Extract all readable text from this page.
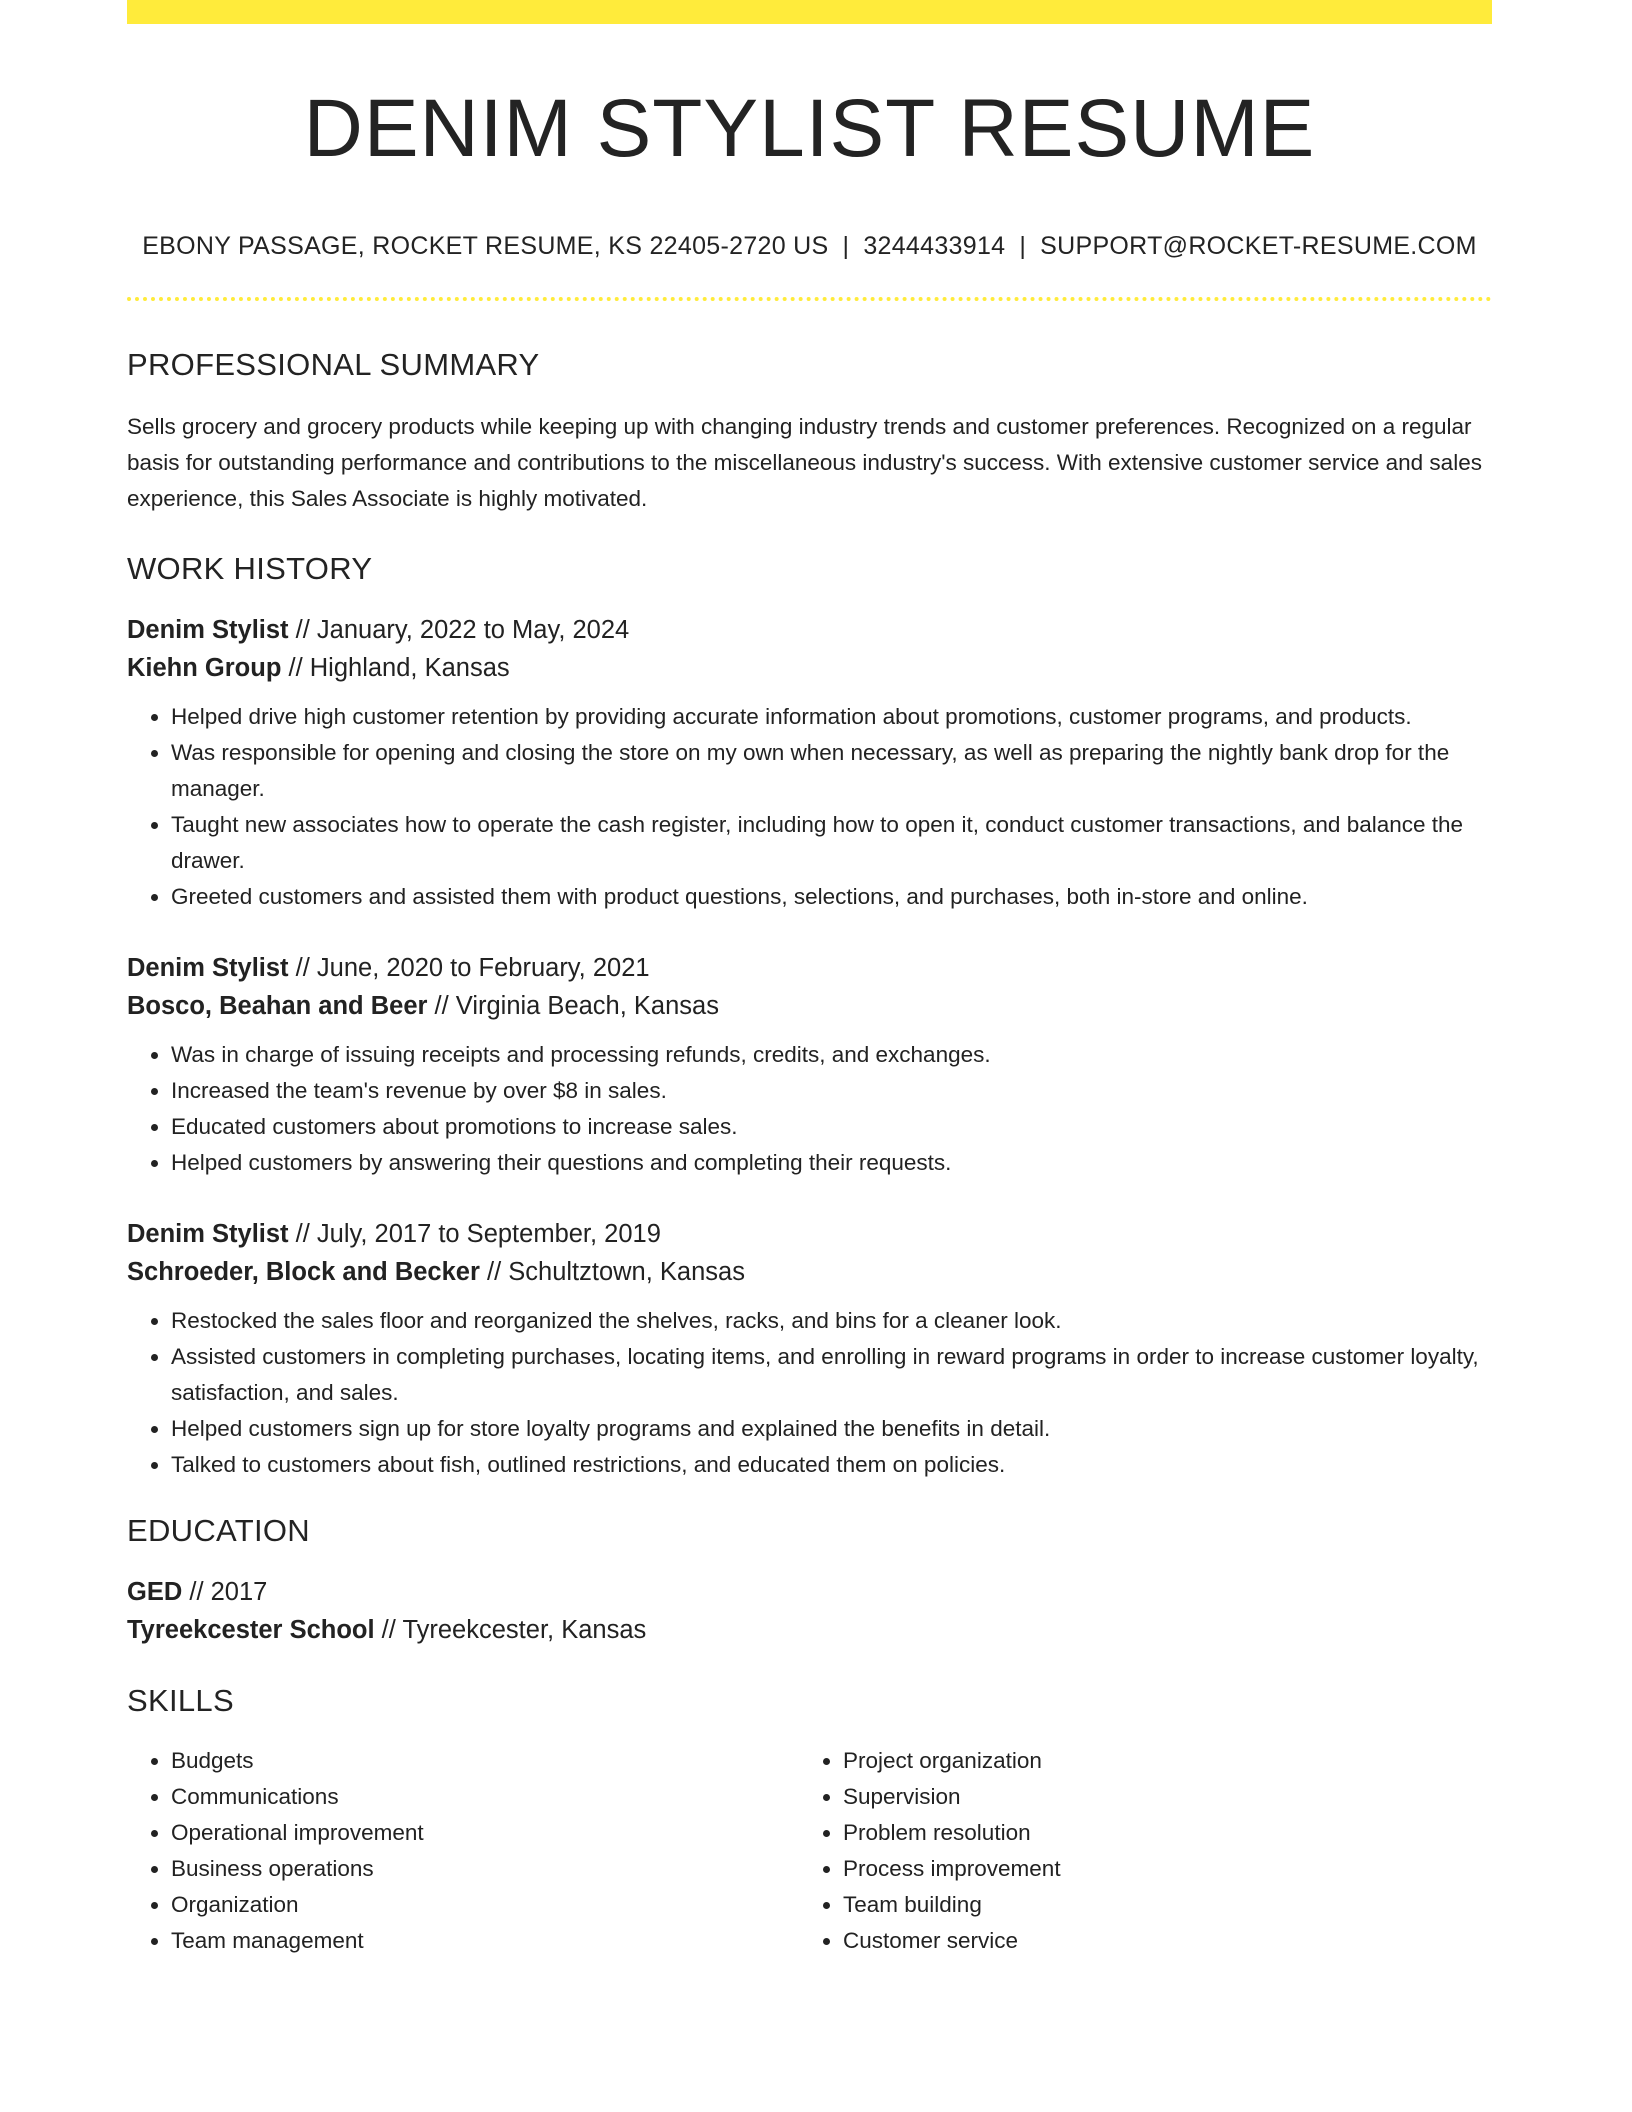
DENIM STYLIST RESUME
EBONY PASSAGE, ROCKET RESUME, KS 22405-2720 US | 3244433914 | SUPPORT@ROCKET-RESUME.COM
PROFESSIONAL SUMMARY
Sells grocery and grocery products while keeping up with changing industry trends and customer preferences. Recognized on a regular basis for outstanding performance and contributions to the miscellaneous industry's success. With extensive customer service and sales experience, this Sales Associate is highly motivated.
WORK HISTORY
Denim Stylist // January, 2022 to May, 2024
Kiehn Group // Highland, Kansas
• Helped drive high customer retention by providing accurate information about promotions, customer programs, and products.
• Was responsible for opening and closing the store on my own when necessary, as well as preparing the nightly bank drop for the manager.
• Taught new associates how to operate the cash register, including how to open it, conduct customer transactions, and balance the drawer.
• Greeted customers and assisted them with product questions, selections, and purchases, both in-store and online.
Denim Stylist // June, 2020 to February, 2021
Bosco, Beahan and Beer // Virginia Beach, Kansas
• Was in charge of issuing receipts and processing refunds, credits, and exchanges.
• Increased the team's revenue by over $8 in sales.
• Educated customers about promotions to increase sales.
• Helped customers by answering their questions and completing their requests.
Denim Stylist // July, 2017 to September, 2019
Schroeder, Block and Becker // Schultztown, Kansas
• Restocked the sales floor and reorganized the shelves, racks, and bins for a cleaner look.
• Assisted customers in completing purchases, locating items, and enrolling in reward programs in order to increase customer loyalty, satisfaction, and sales.
• Helped customers sign up for store loyalty programs and explained the benefits in detail.
• Talked to customers about fish, outlined restrictions, and educated them on policies.
EDUCATION
GED // 2017
Tyreekcester School // Tyreekcester, Kansas
SKILLS
• Budgets
• Communications
• Operational improvement
• Business operations
• Organization
• Team management
• Project organization
• Supervision
• Problem resolution
• Process improvement
• Team building
• Customer service
